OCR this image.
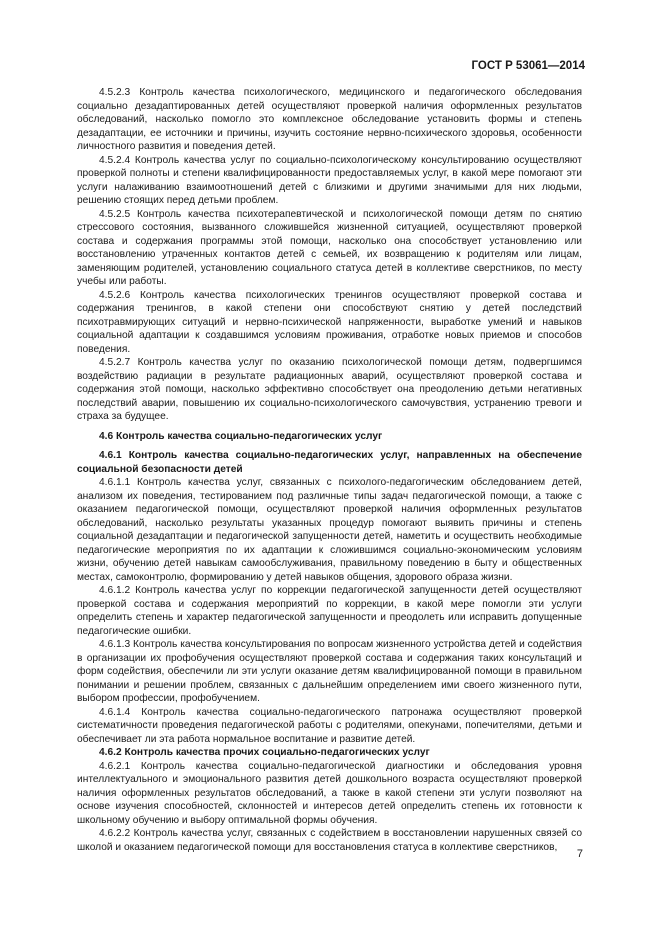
ГОСТ Р 53061—2014

4.5.2.3 Контроль качества психологического, медицинского и педагогического обследования социально дезадаптированных детей осуществляют проверкой наличия оформленных результатов обследований, насколько помогло это комплексное обследование установить формы и степень дезадаптации, ее источники и причины, изучить состояние нервно-психического здоровья, особенности личностного развития и поведения детей.

4.5.2.4 Контроль качества услуг по социально-психологическому консультированию осуществляют проверкой полноты и степени квалифицированности предоставляемых услуг, в какой мере помогают эти услуги налаживанию взаимоотношений детей с близкими и другими значимыми для них людьми, решению стоящих перед детьми проблем.

4.5.2.5 Контроль качества психотерапевтической и психологической помощи детям по снятию стрессового состояния, вызванного сложившейся жизненной ситуацией, осуществляют проверкой состава и содержания программы этой помощи, насколько она способствует установлению или восстановлению утраченных контактов детей с семьей, их возвращению к родителям или лицам, заменяющим родителей, установлению социального статуса детей в коллективе сверстников, по месту учебы или работы.

4.5.2.6 Контроль качества психологических тренингов осуществляют проверкой состава и содержания тренингов, в какой степени они способствуют снятию у детей последствий психотравмирующих ситуаций и нервно-психической напряженности, выработке умений и навыков социальной адаптации к создавшимся условиям проживания, отработке новых приемов и способов поведения.

4.5.2.7 Контроль качества услуг по оказанию психологической помощи детям, подвергшимся воздействию радиации в результате радиационных аварий, осуществляют проверкой состава и содержания этой помощи, насколько эффективно способствует она преодолению детьми негативных последствий аварии, повышению их социально-психологического самочувствия, устранению тревоги и страха за будущее.

4.6 Контроль качества социально-педагогических услуг

4.6.1 Контроль качества социально-педагогических услуг, направленных на обеспечение социальной безопасности детей

4.6.1.1 Контроль качества услуг, связанных с психолого-педагогическим обследованием детей, анализом их поведения, тестированием под различные типы задач педагогической помощи, а также с оказанием педагогической помощи, осуществляют проверкой наличия оформленных результатов обследований, насколько результаты указанных процедур помогают выявить причины и степень социальной дезадаптации и педагогической запущенности детей, наметить и осуществить необходимые педагогические мероприятия по их адаптации к сложившимся социально-экономическим условиям жизни, обучению детей навыкам самообслуживания, правильному поведению в быту и общественных местах, самоконтролю, формированию у детей навыков общения, здорового образа жизни.

4.6.1.2 Контроль качества услуг по коррекции педагогической запущенности детей осуществляют проверкой состава и содержания мероприятий по коррекции, в какой мере помогли эти услуги определить степень и характер педагогической запущенности и преодолеть или исправить допущенные педагогические ошибки.

4.6.1.3 Контроль качества консультирования по вопросам жизненного устройства детей и содействия в организации их профобучения осуществляют проверкой состава и содержания таких консультаций и форм содействия, обеспечили ли эти услуги оказание детям квалифицированной помощи в правильном понимании и решении проблем, связанных с дальнейшим определением ими своего жизненного пути, выбором профессии, профобучением.

4.6.1.4 Контроль качества социально-педагогического патронажа осуществляют проверкой систематичности проведения педагогической работы с родителями, опекунами, попечителями, детьми и обеспечивает ли эта работа нормальное воспитание и развитие детей.

4.6.2 Контроль качества прочих социально-педагогических услуг

4.6.2.1 Контроль качества социально-педагогической диагностики и обследования уровня интеллектуального и эмоционального развития детей дошкольного возраста осуществляют проверкой наличия оформленных результатов обследований, а также в какой степени эти услуги позволяют на основе изучения способностей, склонностей и интересов детей определить степень их готовности к школьному обучению и выбору оптимальной формы обучения.

4.6.2.2 Контроль качества услуг, связанных с содействием в восстановлении нарушенных связей со школой и оказанием педагогической помощи для восстановления статуса в коллективе сверстников,

7
